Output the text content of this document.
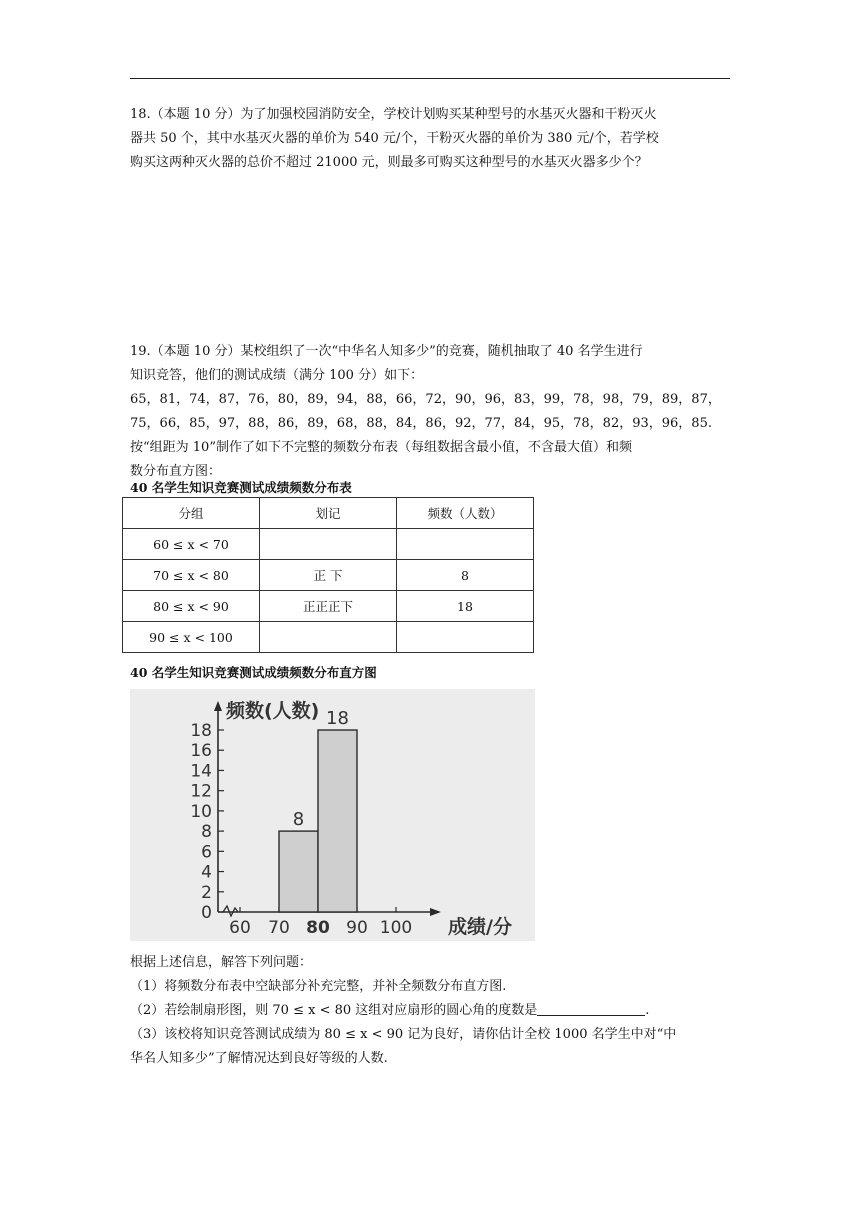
18.（本题 10 分）为了加强校园消防安全，学校计划购买某种型号的水基灭火器和干粉灭火

器共 50 个，其中水基灭火器的单价为 540 元/个，干粉灭火器的单价为 380 元/个，若学校

购买这两种灭火器的总价不超过 21000 元，则最多可购买这种型号的水基灭火器多少个？

19.（本题 10 分）某校组织了一次“中华名人知多少”的竞赛，随机抽取了 40 名学生进行

知识竞答，他们的测试成绩（满分 100 分）如下：

65，81，74，87，76，80，89，94，88，66，72，90，96，83，99，78，98，79，89，87，

75，66，85，97，88，86，89，68，88，84，86，92，77，84，95，78，82，93，96，85.

按“组距为 10”制作了如下不完整的频数分布表（每组数据含最小值，不含最大值）和频

数分布直方图：

40 名学生知识竞赛测试成绩频数分布表
分组	划记	频数（人数）
60 ≤ x < 70		
70 ≤ x < 80	正 下	8
80 ≤ x < 90	正正正下	18
90 ≤ x < 100		
40 名学生知识竞赛测试成绩频数分布直方图
0
2
4
6
8
10
12
14
16
18
60 70 80 90 100
8
18
频数(人数)
成绩/分

根据上述信息，解答下列问题：

（1）将频数分布表中空缺部分补充完整，并补全频数分布直方图.

（2）若绘制扇形图，则 70 ≤ x < 80 这组对应扇形的圆心角的度数是	.

（3）该校将知识竞答测试成绩为 80 ≤ x < 90 记为良好，请你估计全校 1000 名学生中对“中

华名人知多少”了解情况达到良好等级的人数.
